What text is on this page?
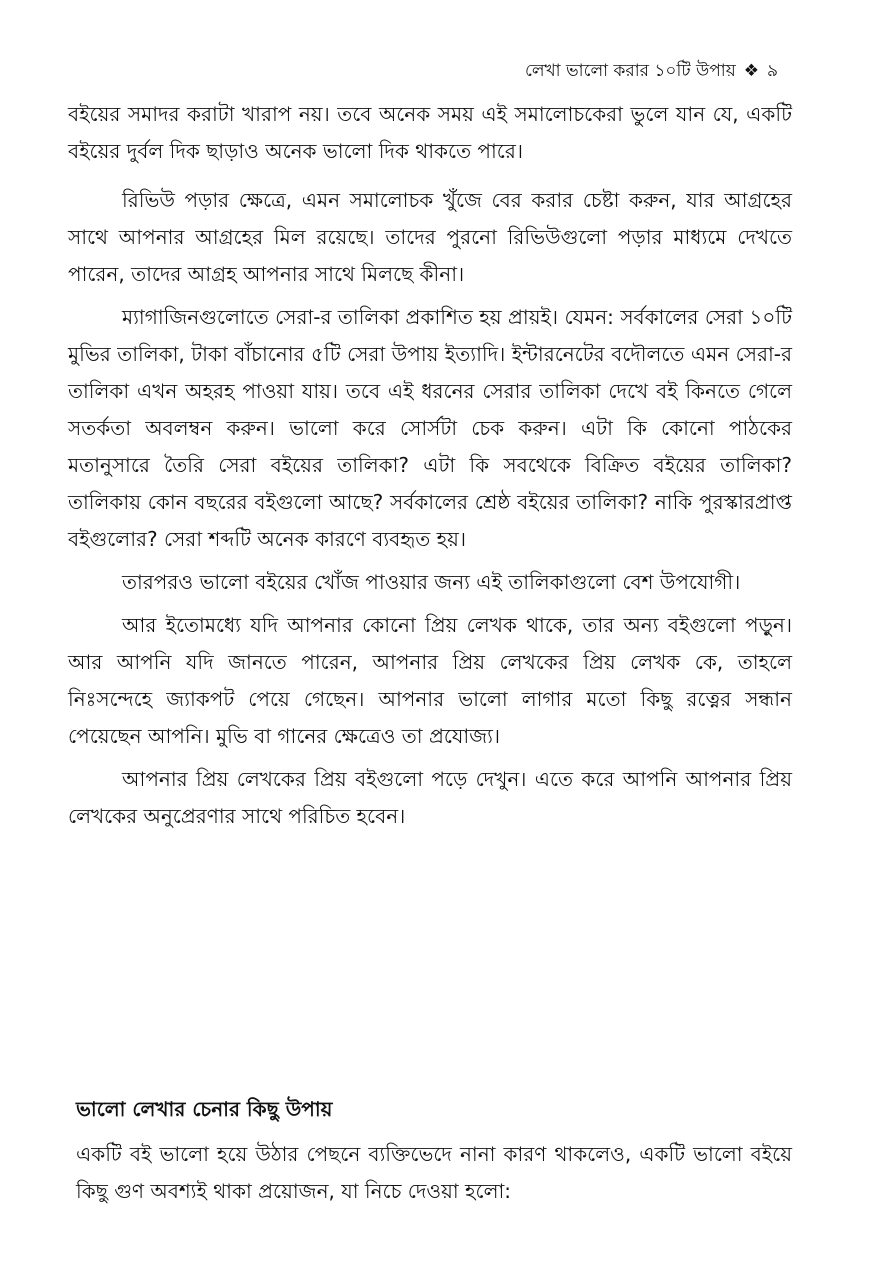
লেখা ভালো করার ১০টি উপায় ❖ ৯

বইয়ের সমাদর করাটা খারাপ নয়। তবে অনেক সময় এই সমালোচকেরা ভুলে যান যে, একটি বইয়ের দুর্বল দিক ছাড়াও অনেক ভালো দিক থাকতে পারে।

রিভিউ পড়ার ক্ষেত্রে, এমন সমালোচক খুঁজে বের করার চেষ্টা করুন, যার আগ্রহের সাথে আপনার আগ্রহের মিল রয়েছে। তাদের পুরনো রিভিউগুলো পড়ার মাধ্যমে দেখতে পারেন, তাদের আগ্রহ আপনার সাথে মিলছে কীনা।

ম্যাগাজিনগুলোতে সেরা-র তালিকা প্রকাশিত হয় প্রায়ই। যেমন: সর্বকালের সেরা ১০টি মুভির তালিকা, টাকা বাঁচানোর ৫টি সেরা উপায় ইত্যাদি। ইন্টারনেটের বদৌলতে এমন সেরা-র তালিকা এখন অহরহ পাওয়া যায়। তবে এই ধরনের সেরার তালিকা দেখে বই কিনতে গেলে সতর্কতা অবলম্বন করুন। ভালো করে সোর্সটা চেক করুন। এটা কি কোনো পাঠকের মতানুসারে তৈরি সেরা বইয়ের তালিকা? এটা কি সবথেকে বিক্রিত বইয়ের তালিকা? তালিকায় কোন বছরের বইগুলো আছে? সর্বকালের শ্রেষ্ঠ বইয়ের তালিকা? নাকি পুরস্কারপ্রাপ্ত বইগুলোর? সেরা শব্দটি অনেক কারণে ব্যবহৃত হয়।

তারপরও ভালো বইয়ের খোঁজ পাওয়ার জন্য এই তালিকাগুলো বেশ উপযোগী।

আর ইতোমধ্যে যদি আপনার কোনো প্রিয় লেখক থাকে, তার অন্য বইগুলো পড়ুন। আর আপনি যদি জানতে পারেন, আপনার প্রিয় লেখকের প্রিয় লেখক কে, তাহলে নিঃসন্দেহে জ্যাকপট পেয়ে গেছেন। আপনার ভালো লাগার মতো কিছু রত্নের সন্ধান পেয়েছেন আপনি। মুভি বা গানের ক্ষেত্রেও তা প্রযোজ্য।

আপনার প্রিয় লেখকের প্রিয় বইগুলো পড়ে দেখুন। এতে করে আপনি আপনার প্রিয় লেখকের অনুপ্রেরণার সাথে পরিচিত হবেন।

ভালো লেখার চেনার কিছু উপায়

একটি বই ভালো হয়ে উঠার পেছনে ব্যক্তিভেদে নানা কারণ থাকলেও, একটি ভালো বইয়ে কিছু গুণ অবশ্যই থাকা প্রয়োজন, যা নিচে দেওয়া হলো:
